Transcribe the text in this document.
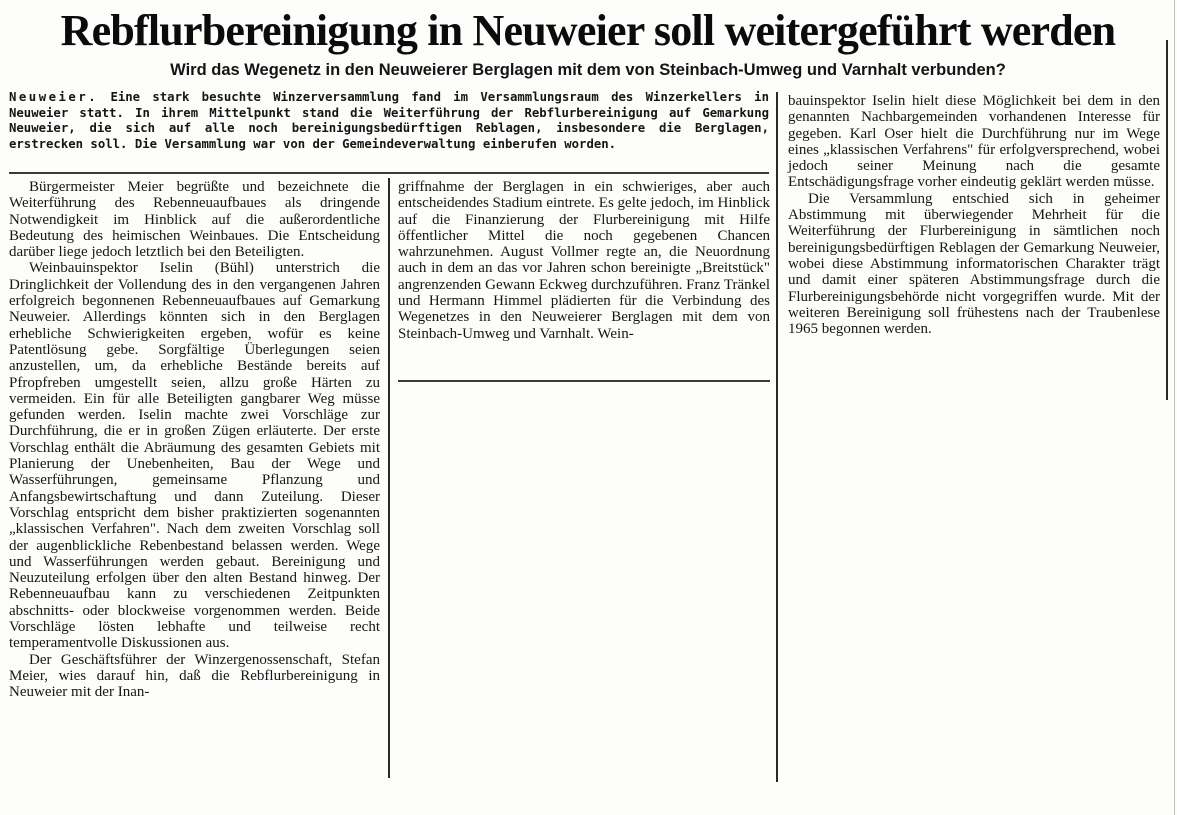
Rebflurbereinigung in Neuweier soll weitergeführt werden
Wird das Wegenetz in den Neuweierer Berglagen mit dem von Steinbach-Umweg und Varnhalt verbunden?
Neuweier. Eine stark besuchte Winzerversammlung fand im Versammlungsraum des Winzerkellers in Neuweier statt. In ihrem Mittelpunkt stand die Weiterführung der Rebflurbereinigung auf Gemarkung Neuweier, die sich auf alle noch bereinigungsbedürftigen Reblagen, insbesondere die Berglagen, erstrecken soll. Die Versammlung war von der Gemeindeverwaltung einberufen worden.

Bürgermeister Meier begrüßte und bezeichnete die Weiterführung des Rebenneuaufbaues als dringende Notwendigkeit im Hinblick auf die außerordentliche Bedeutung des heimischen Weinbaues. Die Entscheidung darüber liege jedoch letztlich bei den Beteiligten.

Weinbauinspektor Iselin (Bühl) unterstrich die Dringlichkeit der Vollendung des in den vergangenen Jahren erfolgreich begonnenen Rebenneuaufbaues auf Gemarkung Neuweier. Allerdings könnten sich in den Berglagen erhebliche Schwierigkeiten ergeben, wofür es keine Patentlösung gebe. Sorgfältige Überlegungen seien anzustellen, um, da erhebliche Bestände bereits auf Pfropfreben umgestellt seien, allzu große Härten zu vermeiden. Ein für alle Beteiligten gangbarer Weg müsse gefunden werden. Iselin machte zwei Vorschläge zur Durchführung, die er in großen Zügen erläuterte. Der erste Vorschlag enthält die Abräumung des gesamten Gebiets mit Planierung der Unebenheiten, Bau der Wege und Wasserführungen, gemeinsame Pflanzung und Anfangsbewirtschaftung und dann Zuteilung. Dieser Vorschlag entspricht dem bisher praktizierten sogenannten „klassischen Verfahren". Nach dem zweiten Vorschlag soll der augenblickliche Rebenbestand belassen werden. Wege und Wasserführungen werden gebaut. Bereinigung und Neuzuteilung erfolgen über den alten Bestand hinweg. Der Rebenneuaufbau kann zu verschiedenen Zeitpunkten abschnitts- oder blockweise vorgenommen werden. Beide Vorschläge lösten lebhafte und teilweise recht temperamentvolle Diskussionen aus.

Der Geschäftsführer der Winzergenossenschaft, Stefan Meier, wies darauf hin, daß die Rebflurbereinigung in Neuweier mit der Inan-

griffnahme der Berglagen in ein schwieriges, aber auch entscheidendes Stadium eintrete. Es gelte jedoch, im Hinblick auf die Finanzierung der Flurbereinigung mit Hilfe öffentlicher Mittel die noch gegebenen Chancen wahrzunehmen. August Vollmer regte an, die Neuordnung auch in dem an das vor Jahren schon bereinigte „Breitstück" angrenzenden Gewann Eckweg durchzuführen. Franz Tränkel und Hermann Himmel plädierten für die Verbindung des Wegenetzes in den Neuweierer Berglagen mit dem von Steinbach-Umweg und Varnhalt. Wein-

bauinspektor Iselin hielt diese Möglichkeit bei dem in den genannten Nachbargemeinden vorhandenen Interesse für gegeben. Karl Oser hielt die Durchführung nur im Wege eines „klassischen Verfahrens" für erfolgversprechend, wobei jedoch seiner Meinung nach die gesamte Entschädigungsfrage vorher eindeutig geklärt werden müsse.

Die Versammlung entschied sich in geheimer Abstimmung mit überwiegender Mehrheit für die Weiterführung der Flurbereinigung in sämtlichen noch bereinigungsbedürftigen Reblagen der Gemarkung Neuweier, wobei diese Abstimmung informatorischen Charakter trägt und damit einer späteren Abstimmungsfrage durch die Flurbereinigungsbehörde nicht vorgegriffen wurde. Mit der weiteren Bereinigung soll frühestens nach der Traubenlese 1965 begonnen werden.
